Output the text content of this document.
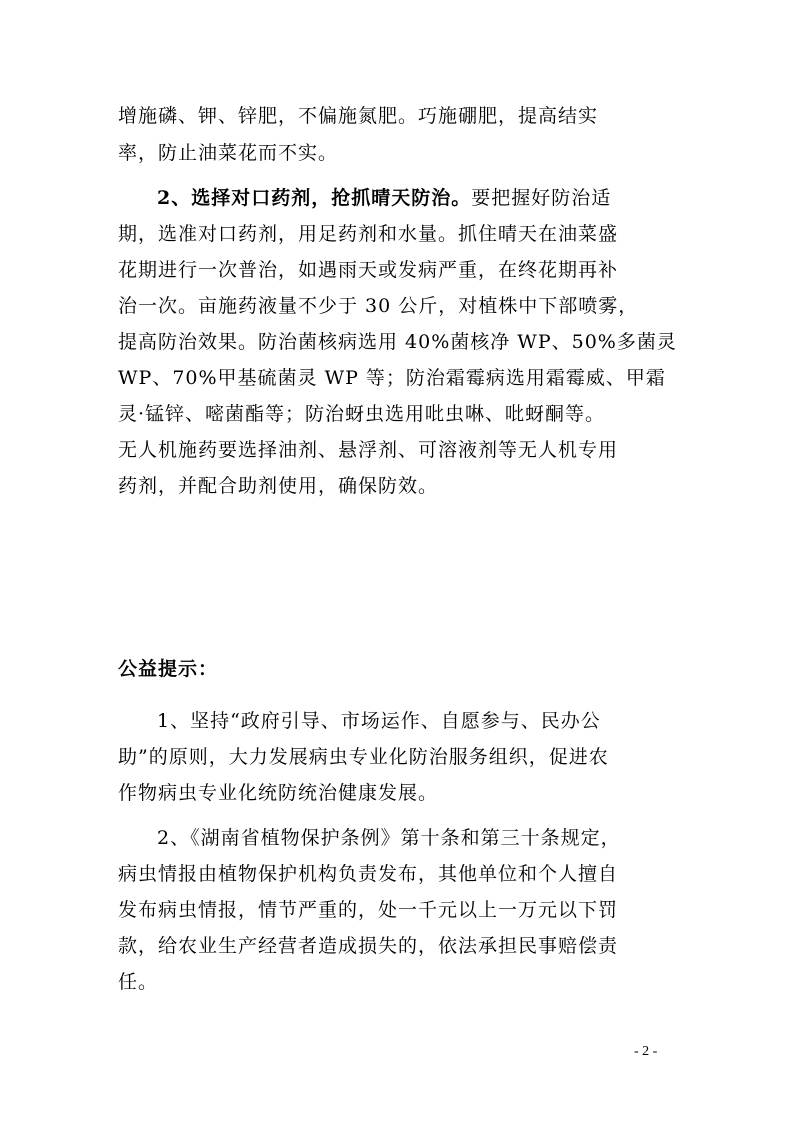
增施磷、钾、锌肥，不偏施氮肥。巧施硼肥，提高结实
率，防止油菜花而不实。
2、选择对口药剂，抢抓晴天防治。要把握好防治适
期，选准对口药剂，用足药剂和水量。抓住晴天在油菜盛
花期进行一次普治，如遇雨天或发病严重，在终花期再补
治一次。亩施药液量不少于 30 公斤，对植株中下部喷雾，
提高防治效果。防治菌核病选用 40%菌核净 WP、50%多菌灵
WP、70%甲基硫菌灵 WP 等；防治霜霉病选用霜霉威、甲霜
灵·锰锌、嘧菌酯等；防治蚜虫选用吡虫啉、吡蚜酮等。
无人机施药要选择油剂、悬浮剂、可溶液剂等无人机专用
药剂，并配合助剂使用，确保防效。
公益提示：
1、坚持“政府引导、市场运作、自愿参与、民办公
助”的原则，大力发展病虫专业化防治服务组织，促进农
作物病虫专业化统防统治健康发展。
2、《湖南省植物保护条例》第十条和第三十条规定，
病虫情报由植物保护机构负责发布，其他单位和个人擅自
发布病虫情报，情节严重的，处一千元以上一万元以下罚
款，给农业生产经营者造成损失的，依法承担民事赔偿责
任。
- 2 -
